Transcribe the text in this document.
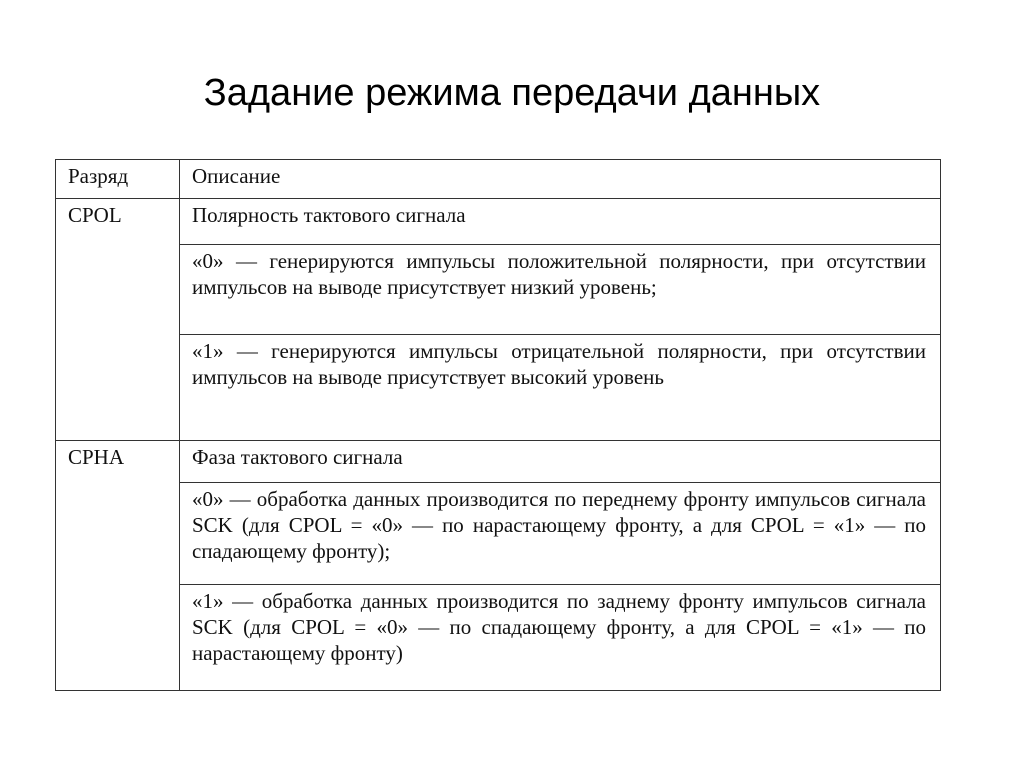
Задание режима передачи данных
Разряд	Описание
CPOL	Полярность тактового сигнала
	«0» — генерируются импульсы положительной полярности, при отсутствии импульсов на выводе присутствует низкий уровень;
	«1» — генерируются импульсы отрицательной полярности, при отсутствии импульсов на выводе присутствует высокий уровень
CPHA	Фаза тактового сигнала
	«0» — обработка данных производится по переднему фронту импульсов сигнала SCK (для CPOL = «0» — по нарастающему фронту, а для CPOL = «1» — по спадающему фронту);
	«1» — обработка данных производится по заднему фронту импульсов сигнала SCK (для CPOL = «0» — по спадающему фронту, а для CPOL = «1» — по нарастающему фронту)
